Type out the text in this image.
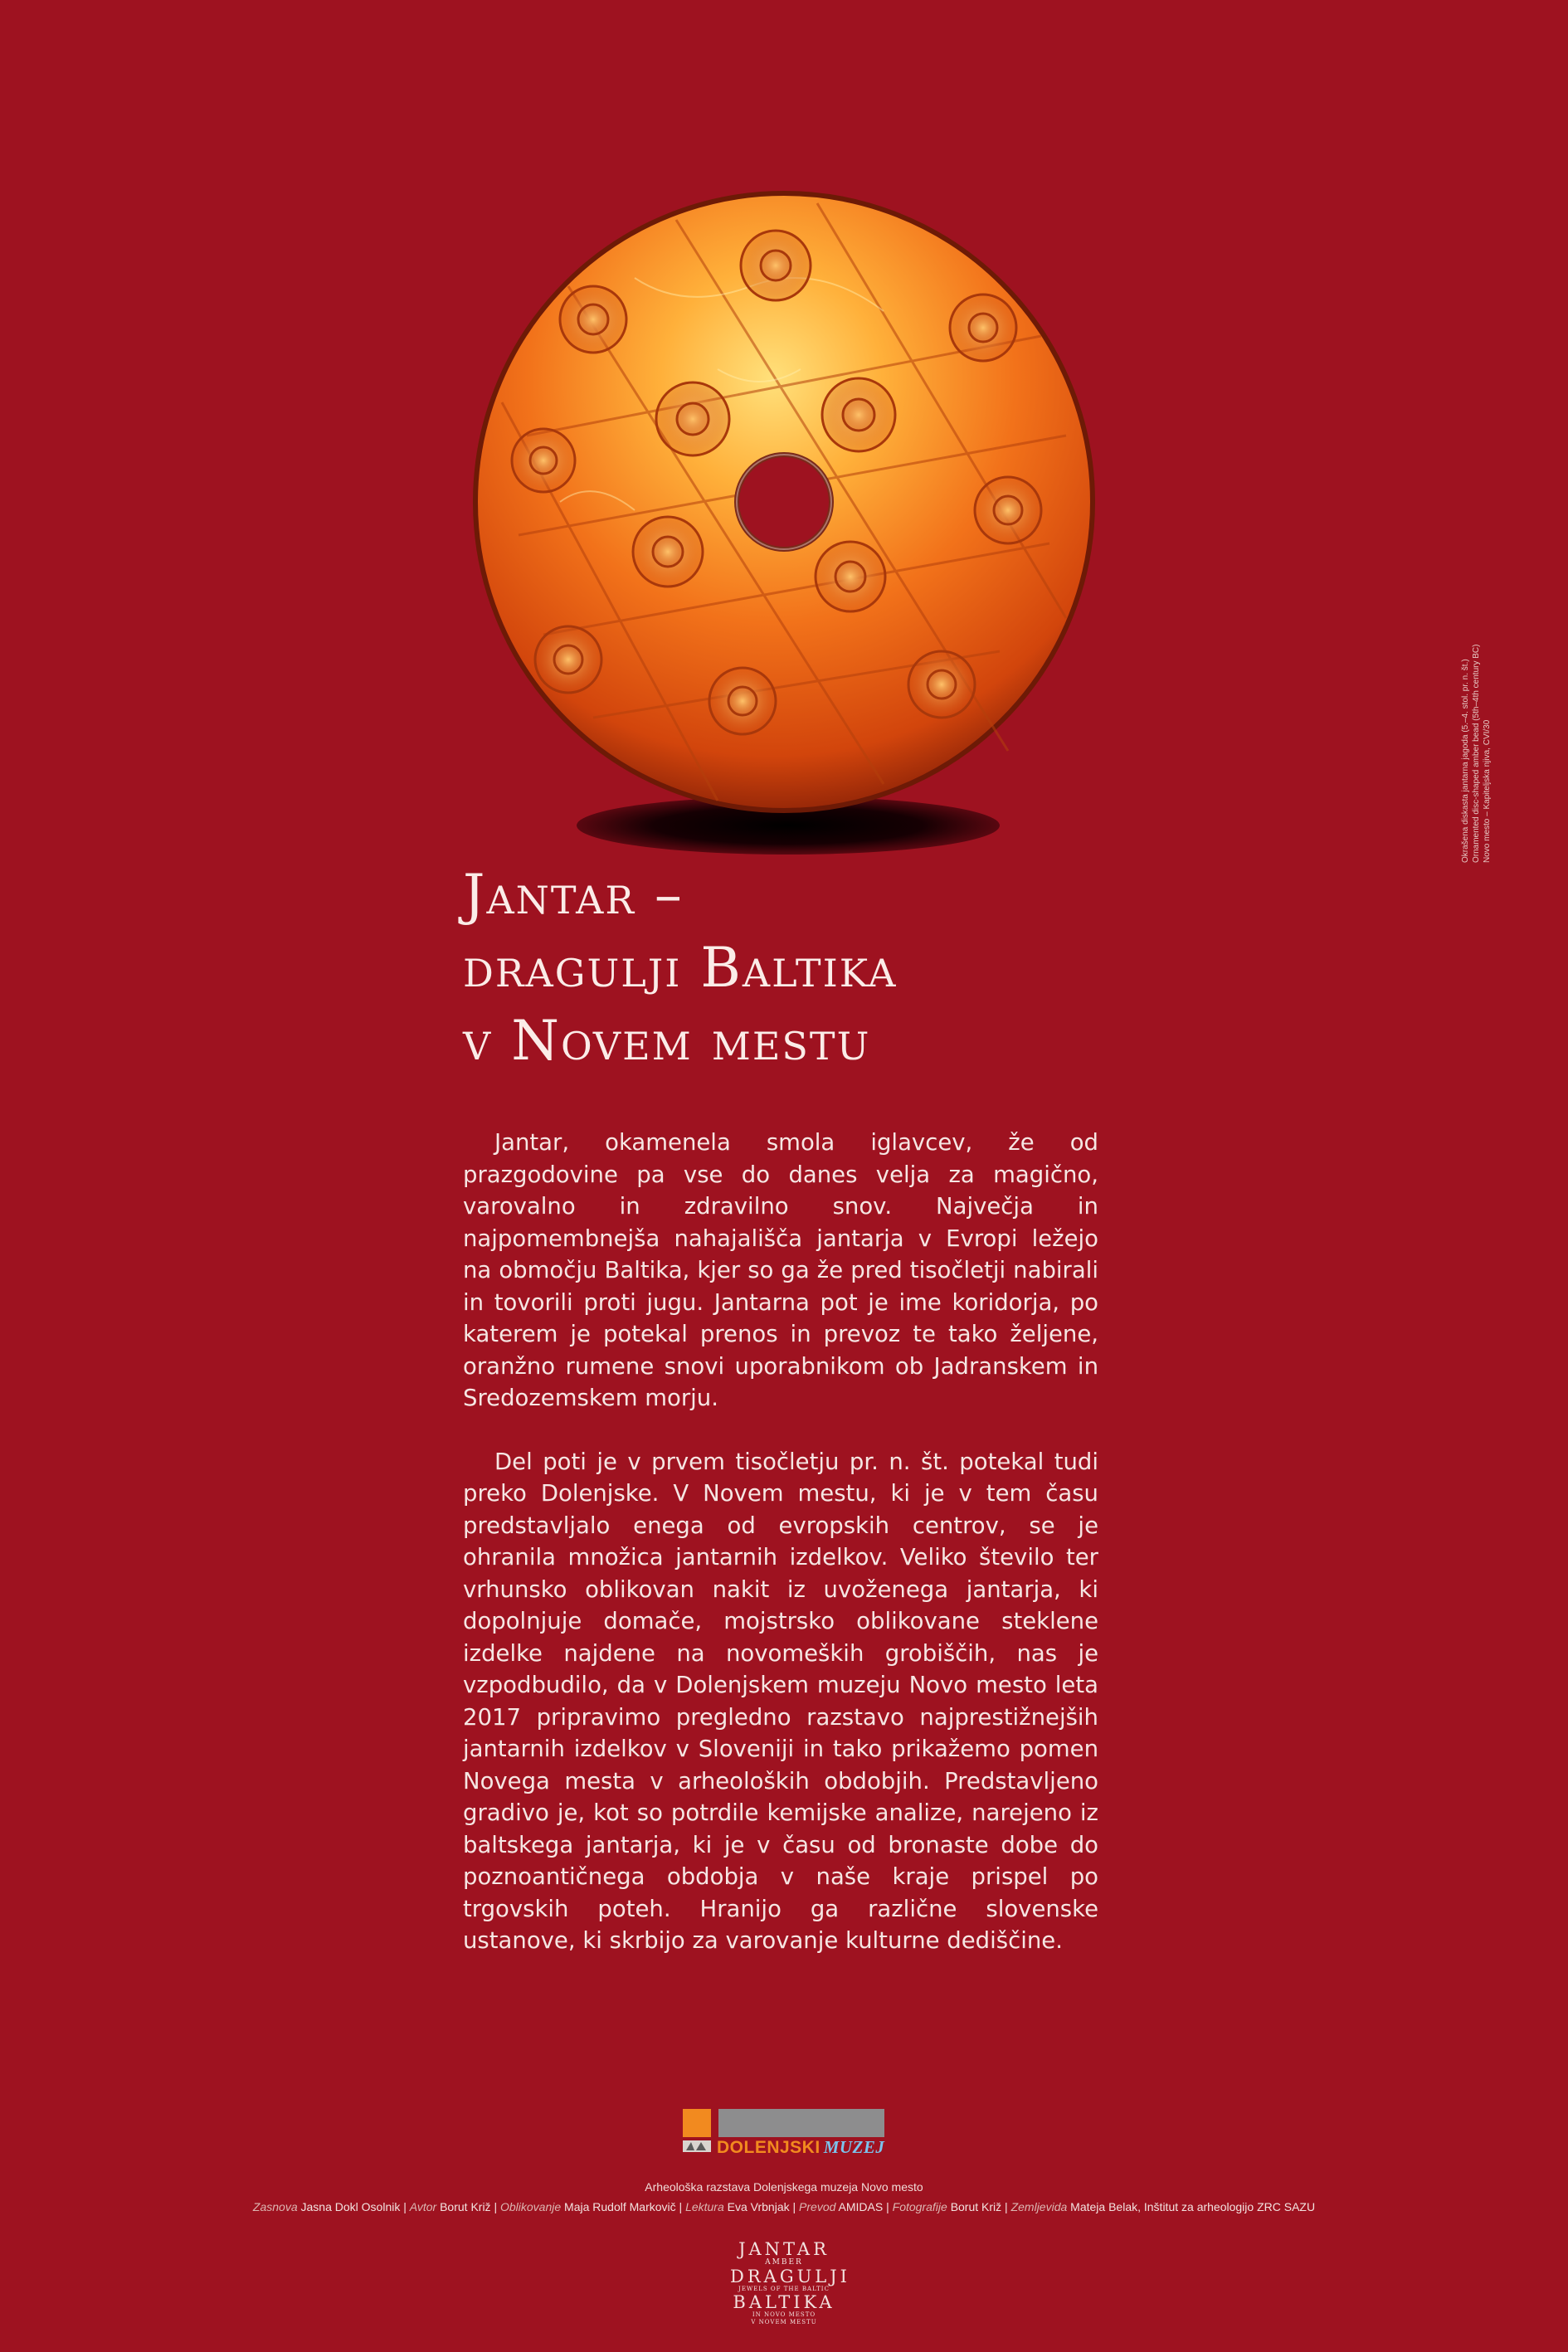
Jantar –
dragulji Baltika
v Novem mestu

Jantar, okamenela smola iglavcev, že od prazgodovine pa vse do danes velja za magično, varovalno in zdravilno snov. Največja in najpomembnejša nahajališča jantarja v Evropi ležejo na območju Baltika, kjer so ga že pred tisočletji nabirali in tovorili proti jugu. Jantarna pot je ime koridorja, po katerem je potekal prenos in prevoz te tako željene, oranžno rumene snovi uporabnikom ob Jadranskem in Sredozemskem morju.

Del poti je v prvem tisočletju pr. n. št. potekal tudi preko Dolenjske. V Novem mestu, ki je v tem času predstavljalo enega od evropskih centrov, se je ohranila množica jantarnih izdelkov. Veliko število ter vrhunsko oblikovan nakit iz uvoženega jantarja, ki dopolnjuje domače, mojstrsko oblikovane steklene izdelke najdene na novomeških grobiščih, nas je vzpodbudilo, da v Dolenjskem muzeju Novo mesto leta 2017 pripravimo pregledno razstavo najprestižnejših jantarnih izdelkov v Sloveniji in tako prikažemo pomen Novega mesta v arheoloških obdobjih. Predstavljeno gradivo je, kot so potrdile kemijske analize, narejeno iz baltskega jantarja, ki je v času od bronaste dobe do poznoantičnega obdobja v naše kraje prispel po trgovskih poteh. Hranijo ga različne slovenske ustanove, ki skrbijo za varovanje kulturne dediščine.

Okrašena diskasta jantarna jagoda (5.–4. stol. pr. n. št.) Ornamented disc-shaped amber bead (5th–4th century BC) Novo mesto – Kapiteljska njiva, CVI/30
DOLENJSKI MUZEJ
Arheološka razstava Dolenjskega muzeja Novo mesto
Zasnova Jasna Dokl Osolnik | Avtor Borut Križ | Oblikovanje Maja Rudolf Markovič | Lektura Eva Vrbnjak | Prevod AMIDAS | Fotografije Borut Križ | Zemljevida Mateja Belak, Inštitut za arheologijo ZRC SAZU
JANTAR
AMBER
DRAGULJI
JEWELS OF THE BALTIC
BALTIKA
IN NOVO MESTO
V NOVEM MESTU
